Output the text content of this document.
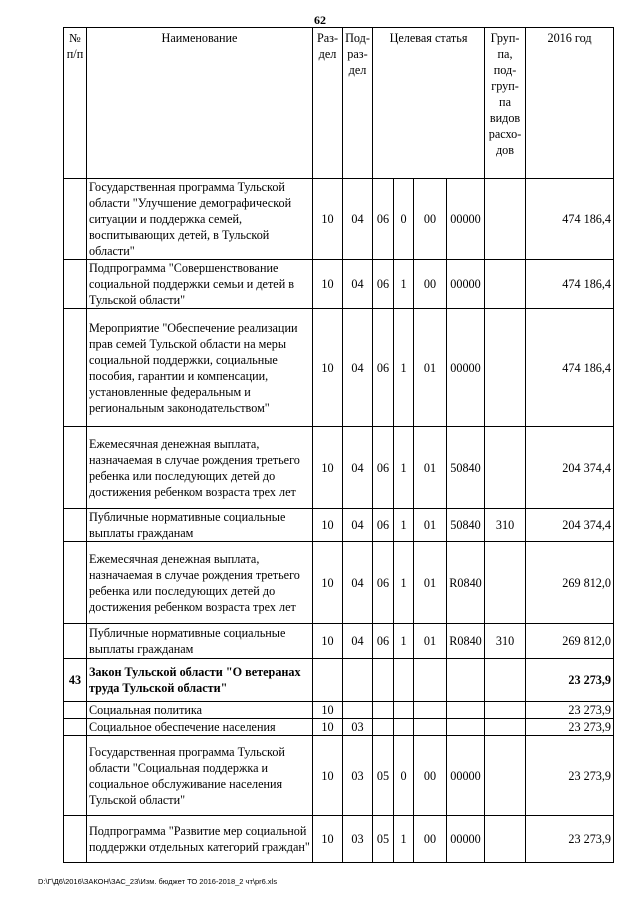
62
№ п/п	Наименование	Раз-дел	Под-раз-дел	Целевая статья				Груп-па, под-груп-па видов расхо-дов	2016 год
	Государственная программа Тульской области "Улучшение демографической ситуации и поддержка семей, воспитывающих детей, в Тульской области"	10	04	06	0	00	00000		474 186,4
	Подпрограмма "Совершенствование социальной поддержки семьи и детей в Тульской области"	10	04	06	1	00	00000		474 186,4
	Мероприятие "Обеспечение реализации прав семей Тульской области на меры социальной поддержки, социальные пособия, гарантии и компенсации, установленные федеральным и региональным законодательством"	10	04	06	1	01	00000		474 186,4
	Ежемесячная денежная выплата, назначаемая в случае рождения третьего ребенка или последующих детей до достижения ребенком возраста трех лет	10	04	06	1	01	50840		204 374,4
	Публичные нормативные социальные выплаты гражданам	10	04	06	1	01	50840	310	204 374,4
	Ежемесячная денежная выплата, назначаемая в случае рождения третьего ребенка или последующих детей до достижения ребенком возраста трех лет	10	04	06	1	01	R0840		269 812,0
	Публичные нормативные социальные выплаты гражданам	10	04	06	1	01	R0840	310	269 812,0
43	Закон Тульской области "О ветеранах труда Тульской области"								23 273,9
	Социальная политика	10							23 273,9
	Социальное обеспечение населения	10	03						23 273,9
	Государственная программа Тульской области "Социальная поддержка и социальное обслуживание населения Тульской области"	10	03	05	0	00	00000		23 273,9
	Подпрограмма "Развитие мер социальной поддержки отдельных категорий граждан"	10	03	05	1	00	00000		23 273,9
D:\Г\Д6\2016\ЗАКОН\ЗАС_23\Изм. бюджет ТО 2016-2018_2 чт\pr6.xls
